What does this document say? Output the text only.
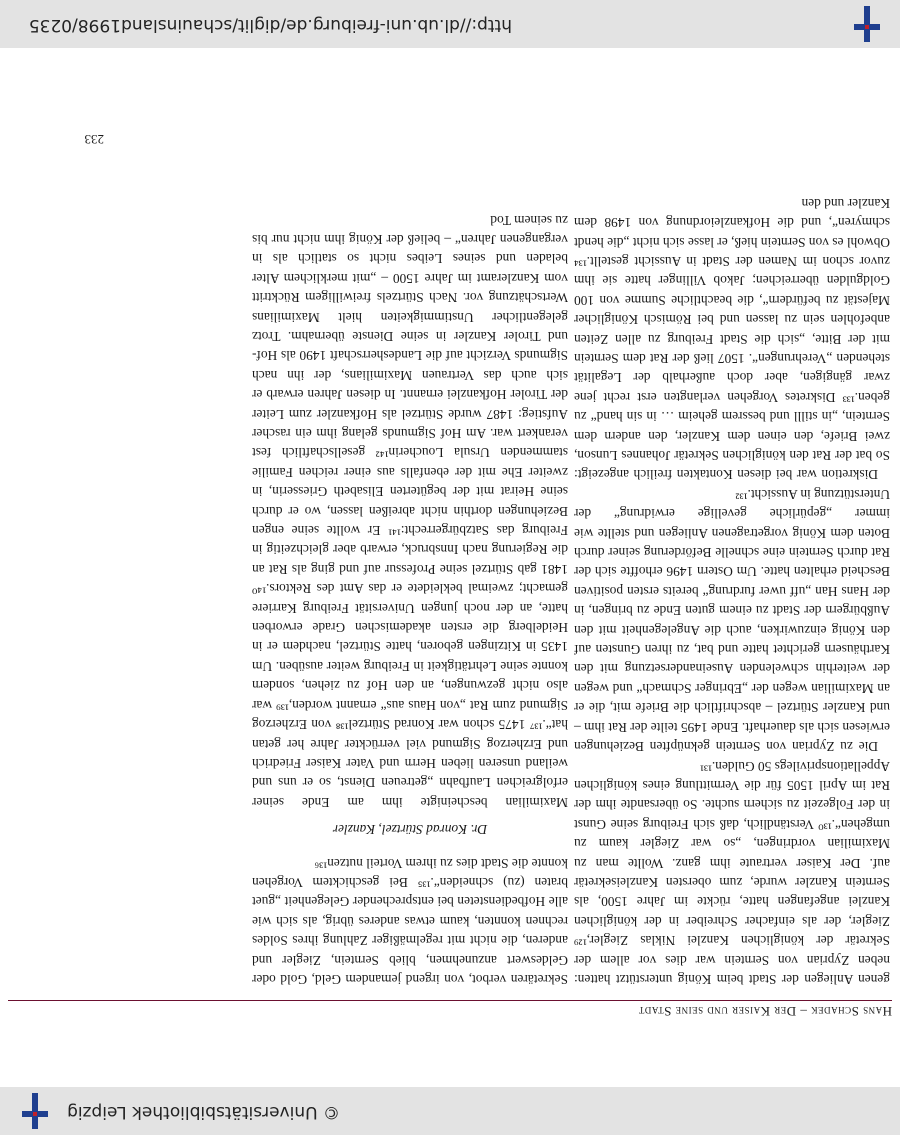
© Universitätsbibliothek Leipzig
Hans Schadek – Der Kaiser und seine Stadt

genen Anliegen der Stadt beim König unterstützt hatten: neben Zyprian von Serntein war dies vor allem der Sekretär der königlichen Kanzlei Niklas Ziegler,¹²⁹ Ziegler, der als einfacher Schreiber in der königlichen Kanzlei angefangen hatte, rückte im Jahre 1500, als Serntein Kanzler wurde, zum obersten Kanzleisekretär auf. Der Kaiser vertraute ihm ganz. Wollte man zu Maximilian vordringen, „so war Ziegler kaum zu umgehen“.¹³⁰ Verständlich, daß sich Freiburg seine Gunst in der Folgezeit zu sichern suchte. So übersandte ihm der Rat im April 1505 für die Vermittlung eines königlichen Appellationsprivilegs 50 Gulden.¹³¹

Die zu Zyprian von Serntein geknüpften Beziehungen erwiesen sich als dauerhaft. Ende 1495 teilte der Rat ihm – und Kanzler Stürtzel – abschriftlich die Briefe mit, die er an Maximilian wegen der „Ebringer Schmach“ und wegen der weiterhin schwelenden Auseinandersetzung mit den Karthäusern gerichtet hatte und bat, zu ihren Gunsten auf den König einzuwirken, auch die Angelegenheit mit den Außbürgern der Stadt zu einem guten Ende zu bringen, in der Hans Han „uff uwer furdrung“ bereits ersten positiven Bescheid erhalten hatte. Um Ostern 1496 erhoffte sich der Rat durch Serntein eine schnelle Beförderung seiner durch Boten dem König vorgetragenen Anliegen und stellte wie immer „gepürliche gevellige erwidrung“ der Unterstützung in Aussicht.¹³²

Diskretion war bei diesen Kontakten freilich angezeigt: So bat der Rat den königlichen Sekretär Johannes Lunson, zwei Briefe, den einen dem Kanzler, den andern dem Serntein, „in stilll und bessrem geheim … in sin hand“ zu geben.¹³³ Diskretes Vorgehen verlangten erst recht jene zwar gängigen, aber doch außerhalb der Legalität stehenden „Verehrungen“. 1507 ließ der Rat dem Serntein mit der Bitte, „sich die Stadt Freiburg zu allen Zeiten anbefohlen sein zu lassen und bei Römisch Königlicher Majestät zu befürdern“, die beachtliche Summe von 100 Goldgulden überreichen; Jakob Villinger hatte sie ihm zuvor schon im Namen der Stadt in Aussicht gestellt.¹³⁴ Obwohl es von Serntein hieß, er lasse sich nicht „die hendt schmyren“, und die Hofkanzleiordnung von 1498 dem Kanzler und den

Sekretären verbot, von irgend jemandem Geld, Gold oder Geldeswert anzunehmen, blieb Serntein, Ziegler und anderen, die nicht mit regelmäßiger Zahlung ihres Soldes rechnen konnten, kaum etwas anderes übrig, als sich wie alle Hofbediensteten bei entsprechender Gelegenheit „guet braten (zu) schneiden“.¹³⁵ Bei geschicktem Vorgehen konnte die Stadt dies zu ihrem Vorteil nutzen¹³⁶

Dr. Konrad Stürtzel, Kanzler

Maximilian bescheinigte ihm am Ende seiner erfolgreichen Laufbahn „getreuen Dienst, so er uns und weiland unseren lieben Herrn und Vater Kaiser Friedrich und Erzherzog Sigmund viel verrückter Jahre her getan hat“.¹³⁷ 1475 schon war Konrad Stürtzel¹³⁸ von Erzherzog Sigmund zum Rat „von Haus aus“ ernannt worden,¹³⁹ war also nicht gezwungen, an den Hof zu ziehen, sondern konnte seine Lehrtätigkeit in Freiburg weiter ausüben. Um 1435 in Kitzingen geboren, hatte Stürtzel, nachdem er in Heidelberg die ersten akademischen Grade erworben hatte, an der noch jungen Universität Freiburg Karriere gemacht; zweimal bekleidete er das Amt des Rektors.¹⁴⁰ 1481 gab Stürtzel seine Professur auf und ging als Rat an die Regierung nach Innsbruck, erwarb aber gleichzeitig in Freiburg das Satzbürgerrecht:¹⁴¹ Er wollte seine engen Beziehungen dorthin nicht abreißen lassen, wo er durch seine Heirat mit der begüterten Elisabeth Griesserin, in zweiter Ehe mit der ebenfalls aus einer reichen Familie stammenden Ursula Loucherin¹⁴² gesellschaftlich fest verankert war. Am Hof Sigmunds gelang ihm ein rascher Aufstieg: 1487 wurde Stürtzel als Hofkanzler zum Leiter der Tiroler Hofkanzlei ernannt. In diesen Jahren erwarb er sich auch das Vertrauen Maximilians, der ihn nach Sigmunds Verzicht auf die Landesherrschaft 1490 als Hof- und Tiroler Kanzler in seine Dienste übernahm. Trotz gelegentlicher Unstimmigkeiten hielt Maximilians Wertschätzung vor. Nach Stürtzels freiwilligem Rücktritt vom Kanzleramt im Jahre 1500 – „mit merklichem Alter beladen und seines Leibes nicht so statlich als in vergangenen Jahren“ – beließ der König ihm nicht nur bis zu seinem Tod

233
http://dl.ub.uni-freiburg.de/diglit/schauinsland1998/0235
